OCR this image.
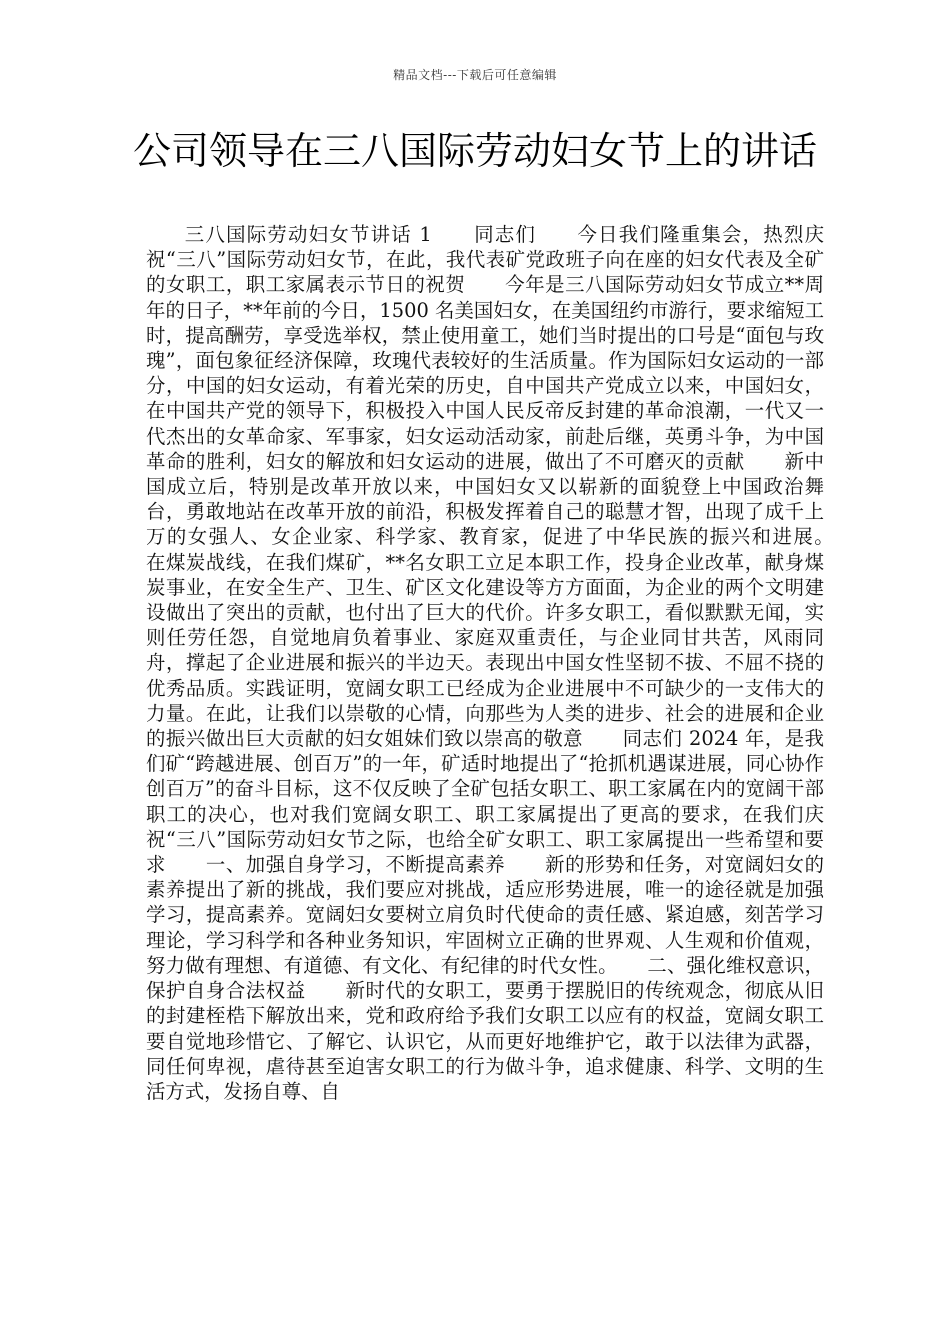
精品文档---下载后可任意编辑
公司领导在三八国际劳动妇女节上的讲话

三八国际劳动妇女节讲话 1　　同志们　　今日我们隆重集会，热烈庆祝“三八”国际劳动妇女节，在此，我代表矿党政班子向在座的妇女代表及全矿的女职工，职工家属表示节日的祝贺　　今年是三八国际劳动妇女节成立**周年的日子，**年前的今日，1500 名美国妇女，在美国纽约市游行，要求缩短工时，提高酬劳，享受选举权，禁止使用童工，她们当时提出的口号是“面包与玫瑰”，面包象征经济保障，玫瑰代表较好的生活质量。作为国际妇女运动的一部分，中国的妇女运动，有着光荣的历史，自中国共产党成立以来，中国妇女，在中国共产党的领导下，积极投入中国人民反帝反封建的革命浪潮，一代又一代杰出的女革命家、军事家，妇女运动活动家，前赴后继，英勇斗争，为中国革命的胜利，妇女的解放和妇女运动的进展，做出了不可磨灭的贡献　　新中国成立后，特别是改革开放以来，中国妇女又以崭新的面貌登上中国政治舞台，勇敢地站在改革开放的前沿，积极发挥着自己的聪慧才智，出现了成千上万的女强人、女企业家、科学家、教育家，促进了中华民族的振兴和进展。　　在煤炭战线，在我们煤矿，**名女职工立足本职工作，投身企业改革，献身煤炭事业，在安全生产、卫生、矿区文化建设等方方面面，为企业的两个文明建设做出了突出的贡献，也付出了巨大的代价。许多女职工，看似默默无闻，实则任劳任怨，自觉地肩负着事业、家庭双重责任，与企业同甘共苦，风雨同舟，撑起了企业进展和振兴的半边天。表现出中国女性坚韧不拔、不屈不挠的优秀品质。实践证明，宽阔女职工已经成为企业进展中不可缺少的一支伟大的力量。在此，让我们以崇敬的心情，向那些为人类的进步、社会的进展和企业的振兴做出巨大贡献的妇女姐妹们致以崇高的敬意　　同志们 2024 年，是我们矿“跨越进展、创百万”的一年，矿适时地提出了“抢抓机遇谋进展，同心协作创百万”的奋斗目标，这不仅反映了全矿包括女职工、职工家属在内的宽阔干部职工的决心，也对我们宽阔女职工、职工家属提出了更高的要求，在我们庆祝“三八”国际劳动妇女节之际，也给全矿女职工、职工家属提出一些希望和要求　　一、加强自身学习，不断提高素养　　新的形势和任务，对宽阔妇女的素养提出了新的挑战，我们要应对挑战，适应形势进展，唯一的途径就是加强学习，提高素养。宽阔妇女要树立肩负时代使命的责任感、紧迫感，刻苦学习理论，学习科学和各种业务知识，牢固树立正确的世界观、人生观和价值观，努力做有理想、有道德、有文化、有纪律的时代女性。　　二、强化维权意识，保护自身合法权益　　新时代的女职工，要勇于摆脱旧的传统观念，彻底从旧的封建桎梏下解放出来，党和政府给予我们女职工以应有的权益，宽阔女职工要自觉地珍惜它、了解它、认识它，从而更好地维护它，敢于以法律为武器，同任何卑视，虐待甚至迫害女职工的行为做斗争，追求健康、科学、文明的生活方式，发扬自尊、自
